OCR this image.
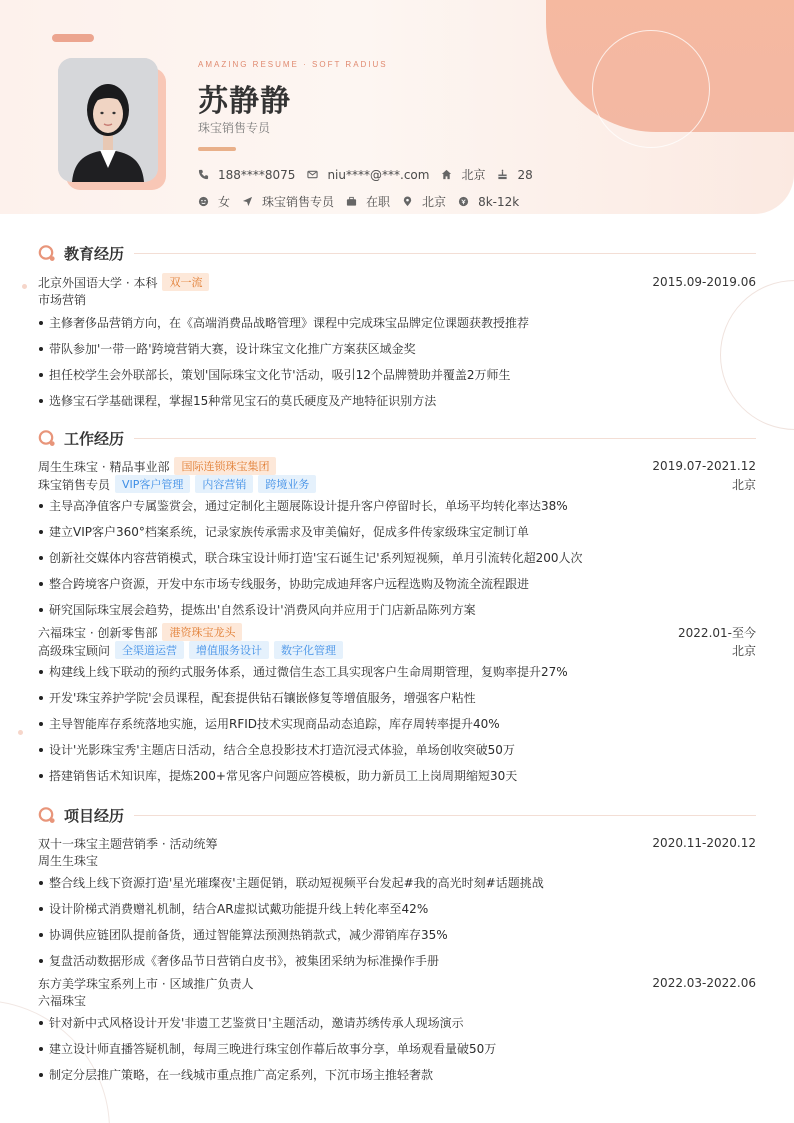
AMAZING RESUME · SOFT RADIUS
苏静静
珠宝销售专员
188****8075	niu****@***.com	北京	28
女	珠宝销售专员	在职	北京	8k-12k
教育经历
北京外国语大学 · 本科	双一流	2015.09-2019.06
市场营销
主修奢侈品营销方向，在《高端消费品战略管理》课程中完成珠宝品牌定位课题获教授推荐
带队参加'一带一路'跨境营销大赛，设计珠宝文化推广方案获区域金奖
担任校学生会外联部长，策划'国际珠宝文化节'活动，吸引12个品牌赞助并覆盖2万师生
选修宝石学基础课程，掌握15种常见宝石的莫氏硬度及产地特征识别方法
工作经历
周生生珠宝 · 精品事业部	国际连锁珠宝集团	2019.07-2021.12
珠宝销售专员	VIP客户管理	内容营销	跨境业务	北京
主导高净值客户专属鉴赏会，通过定制化主题展陈设计提升客户停留时长，单场平均转化率达38%
建立VIP客户360°档案系统，记录家族传承需求及审美偏好，促成多件传家级珠宝定制订单
创新社交媒体内容营销模式，联合珠宝设计师打造'宝石诞生记'系列短视频，单月引流转化超200人次
整合跨境客户资源，开发中东市场专线服务，协助完成迪拜客户远程选购及物流全流程跟进
研究国际珠宝展会趋势，提炼出'自然系设计'消费风向并应用于门店新品陈列方案
六福珠宝 · 创新零售部	港资珠宝龙头	2022.01-至今
高级珠宝顾问	全渠道运营	增值服务设计	数字化管理	北京
构建线上线下联动的预约式服务体系，通过微信生态工具实现客户生命周期管理，复购率提升27%
开发'珠宝养护学院'会员课程，配套提供钻石镶嵌修复等增值服务，增强客户粘性
主导智能库存系统落地实施，运用RFID技术实现商品动态追踪，库存周转率提升40%
设计'光影珠宝秀'主题店日活动，结合全息投影技术打造沉浸式体验，单场创收突破50万
搭建销售话术知识库，提炼200+常见客户问题应答模板，助力新员工上岗周期缩短30天
项目经历
双十一珠宝主题营销季 · 活动统筹	2020.11-2020.12
周生生珠宝
整合线上线下资源打造'星光璀璨夜'主题促销，联动短视频平台发起#我的高光时刻#话题挑战
设计阶梯式消费赠礼机制，结合AR虚拟试戴功能提升线上转化率至42%
协调供应链团队提前备货，通过智能算法预测热销款式，减少滞销库存35%
复盘活动数据形成《奢侈品节日营销白皮书》，被集团采纳为标准操作手册
东方美学珠宝系列上市 · 区域推广负责人	2022.03-2022.06
六福珠宝
针对新中式风格设计开发'非遗工艺鉴赏日'主题活动，邀请苏绣传承人现场演示
建立设计师直播答疑机制，每周三晚进行珠宝创作幕后故事分享，单场观看量破50万
制定分层推广策略，在一线城市重点推广高定系列，下沉市场主推轻奢款
